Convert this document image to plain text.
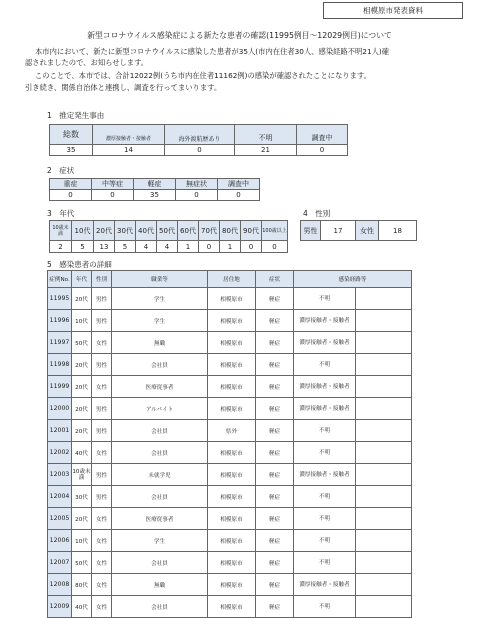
相模原市発表資料
新型コロナウイルス感染症による新たな患者の確認(11995例目～12029例目)について
本市内において、新たに新型コロナウイルスに感染した患者が35人(市内在住者30人、感染経路不明21人)確
認されましたので、お知らせします。
このことで、本市では、合計12022例(うち市内在住者11162例)の感染が確認されたことになります。
引き続き、関係自治体と連携し、調査を行ってまいります。
1　推定発生事由
総数				
	濃厚接触者・接触者	海外渡航歴あり	不明	調査中
35	14	0	21	0
2　症状
重症	中等症	軽症	無症状	調査中
0	0	35	0	0
3　年代
10歳未満	10代	20代	30代	40代	50代	60代	70代	80代	90代	100歳以上
2	5	13	5	4	4	1	0	1	0	0
4　性別
男性	17	女性	18
5　感染患者の詳細
症例No.	年代	性別	職業等	居住地	症状	感染経路等	
11995	20代	男性	学生	相模原市	軽症	不明	
11996	10代	男性	学生	相模原市	軽症	濃厚接触者・接触者	
11997	50代	女性	無職	相模原市	軽症	濃厚接触者・接触者	
11998	20代	男性	会社員	相模原市	軽症	不明	
11999	20代	女性	医療従事者	相模原市	軽症	濃厚接触者・接触者	
12000	20代	男性	アルバイト	相模原市	軽症	濃厚接触者・接触者	
12001	20代	男性	会社員	県外	軽症	不明	
12002	40代	女性	会社員	相模原市	軽症	不明	
12003	10歳未満	男性	未就学児	相模原市	軽症	濃厚接触者・接触者	
12004	30代	男性	会社員	相模原市	軽症	不明	
12005	20代	女性	医療従事者	相模原市	軽症	不明	
12006	10代	女性	学生	相模原市	軽症	不明	
12007	50代	女性	会社員	相模原市	軽症	不明	
12008	80代	女性	無職	相模原市	軽症	濃厚接触者・接触者	
12009	40代	女性	会社員	相模原市	軽症	不明	
